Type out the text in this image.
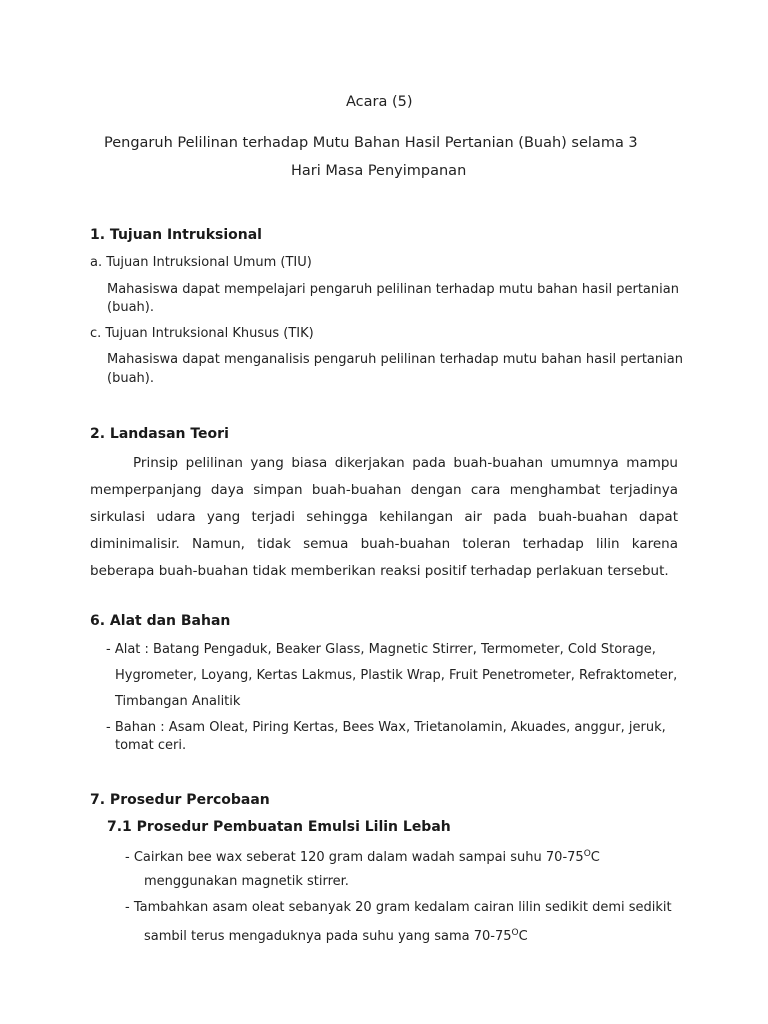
Acara (5)
Pengaruh Pelilinan terhadap Mutu Bahan Hasil Pertanian (Buah) selama 3
Hari Masa Penyimpanan
1. Tujuan Intruksional
a. Tujuan Intruksional Umum (TIU)
Mahasiswa dapat mempelajari pengaruh pelilinan terhadap mutu bahan hasil pertanian
(buah).
c. Tujuan Intruksional Khusus (TIK)
Mahasiswa dapat menganalisis pengaruh pelilinan terhadap mutu bahan hasil pertanian
(buah).
2. Landasan Teori
Prinsip pelilinan yang biasa dikerjakan pada buah-buahan umumnya mampu memperpanjang daya simpan buah-buahan dengan cara menghambat terjadinya sirkulasi udara yang terjadi sehingga kehilangan air pada buah-buahan dapat diminimalisir. Namun, tidak semua buah-buahan toleran terhadap lilin karena beberapa buah-buahan tidak memberikan reaksi positif terhadap perlakuan tersebut.
6. Alat dan Bahan
- Alat : Batang Pengaduk, Beaker Glass, Magnetic Stirrer, Termometer, Cold Storage,
Hygrometer, Loyang, Kertas Lakmus, Plastik Wrap, Fruit Penetrometer, Refraktometer,
Timbangan Analitik
- Bahan : Asam Oleat, Piring Kertas, Bees Wax, Trietanolamin, Akuades, anggur, jeruk,
tomat ceri.
7. Prosedur Percobaan
7.1 Prosedur Pembuatan Emulsi Lilin Lebah
- Cairkan bee wax seberat 120 gram dalam wadah sampai suhu $70-75^OC$
menggunakan magnetik stirrer.
- Tambahkan asam oleat sebanyak 20 gram kedalam cairan lilin sedikit demi sedikit
sambil terus mengaduknya pada suhu yang sama $70-75^OC$
